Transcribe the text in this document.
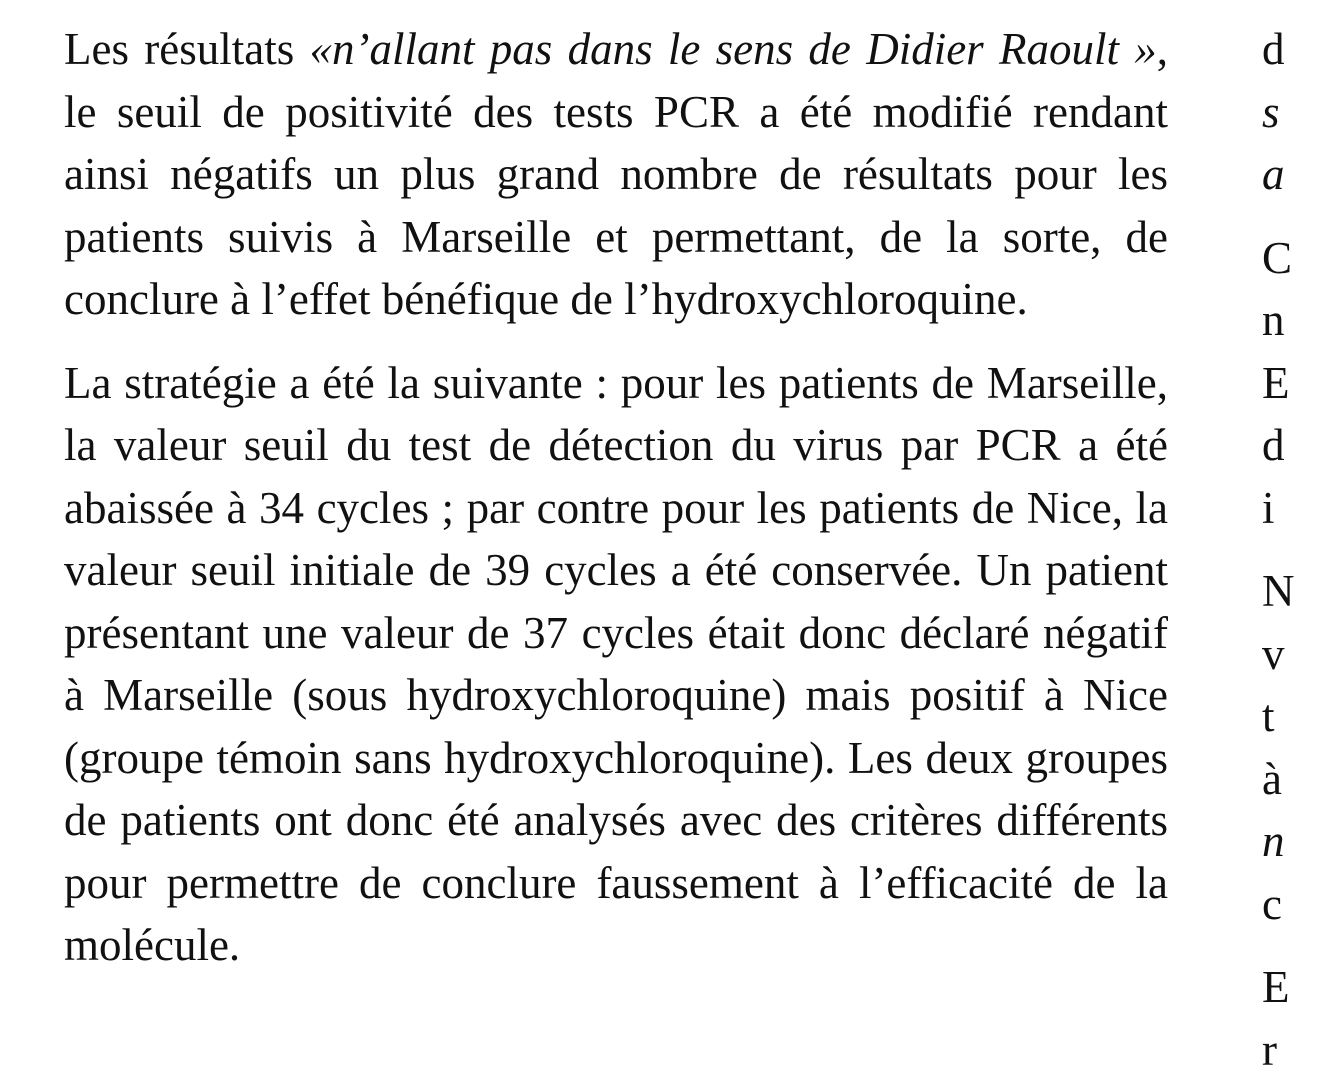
Les résultats «n’allant pas dans le sens de Didier Raoult », le seuil de positivité des tests PCR a été modifié rendant ainsi négatifs un plus grand nombre de résultats pour les patients suivis à Marseille et permettant, de la sorte, de conclure à l’effet bénéfique de l’hydroxychloroquine.

La stratégie a été la suivante : pour les patients de Marseille, la valeur seuil du test de détection du virus par PCR a été abaissée à 34 cycles ; par contre pour les patients de Nice, la valeur seuil initiale de 39 cycles a été conservée. Un patient présentant une valeur de 37 cycles était donc déclaré négatif à Marseille (sous hydroxychloroquine) mais positif à Nice (groupe témoin sans hydroxychloroquine). Les deux groupes de patients ont donc été analysés avec des critères différents pour permettre de conclure faussement à l’efficacité de la molécule.

d
s
a
C
n
E
d
i
N
v
t
à
n
c
E
r
